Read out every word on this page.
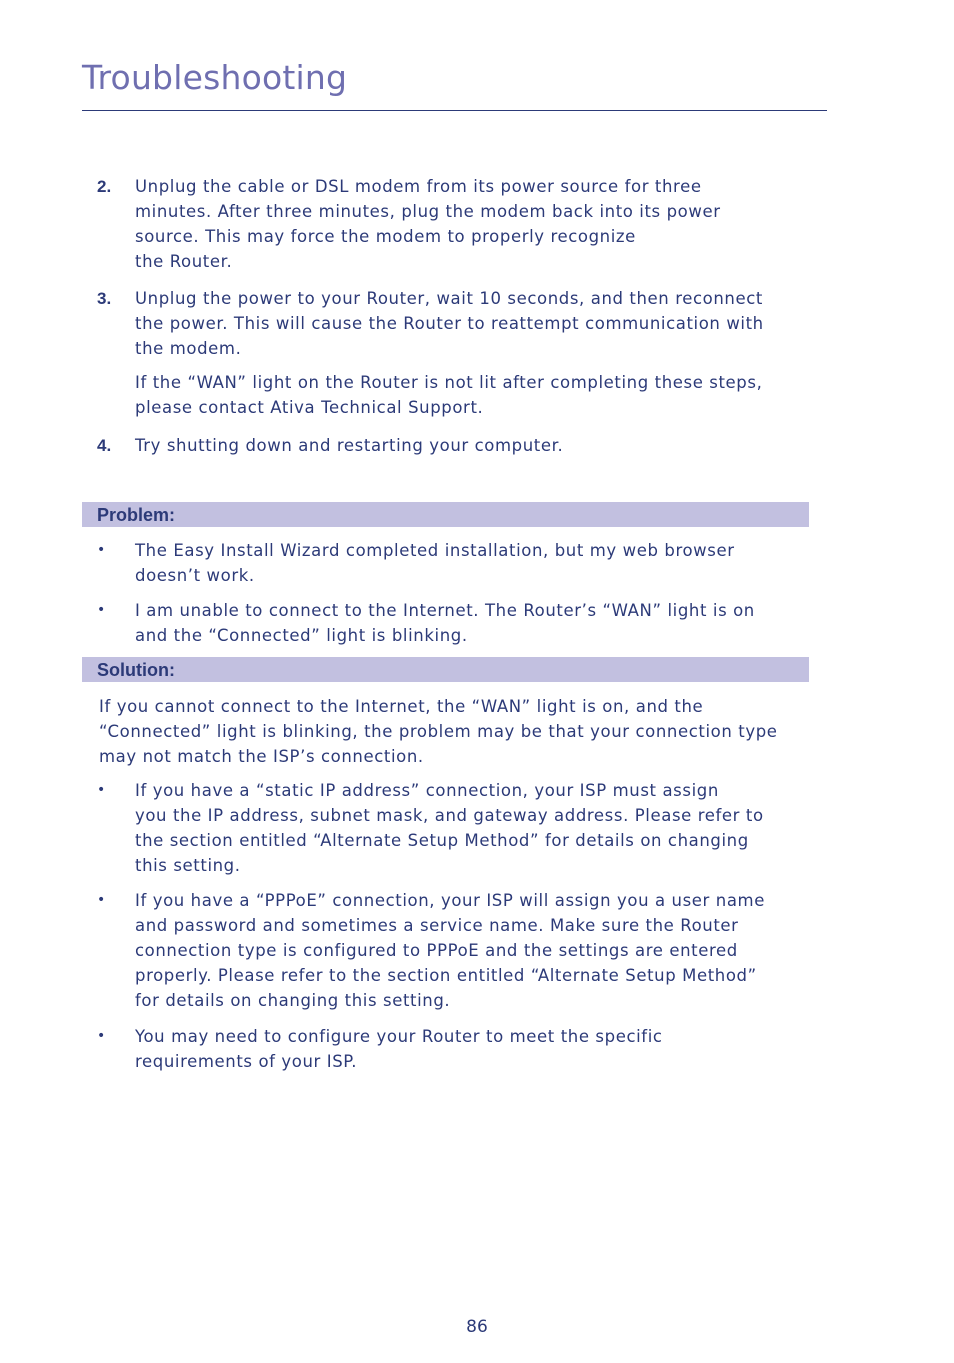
Troubleshooting
2. Unplug the cable or DSL modem from its power source for three
minutes. After three minutes, plug the modem back into its power
source. This may force the modem to properly recognize
the Router.
3. Unplug the power to your Router, wait 10 seconds, and then reconnect
the power. This will cause the Router to reattempt communication with
the modem.
If the “WAN” light on the Router is not lit after completing these steps,
please contact Ativa Technical Support.
4. Try shutting down and restarting your computer.
Problem:
• The Easy Install Wizard completed installation, but my web browser
doesn’t work.
• I am unable to connect to the Internet. The Router’s “WAN” light is on
and the “Connected” light is blinking.
Solution:
If you cannot connect to the Internet, the “WAN” light is on, and the
“Connected” light is blinking, the problem may be that your connection type
may not match the ISP’s connection.
• If you have a “static IP address” connection, your ISP must assign
you the IP address, subnet mask, and gateway address. Please refer to
the section entitled “Alternate Setup Method” for details on changing
this setting.
• If you have a “PPPoE” connection, your ISP will assign you a user name
and password and sometimes a service name. Make sure the Router
connection type is configured to PPPoE and the settings are entered
properly. Please refer to the section entitled “Alternate Setup Method”
for details on changing this setting.
• You may need to configure your Router to meet the specific
requirements of your ISP.
86
